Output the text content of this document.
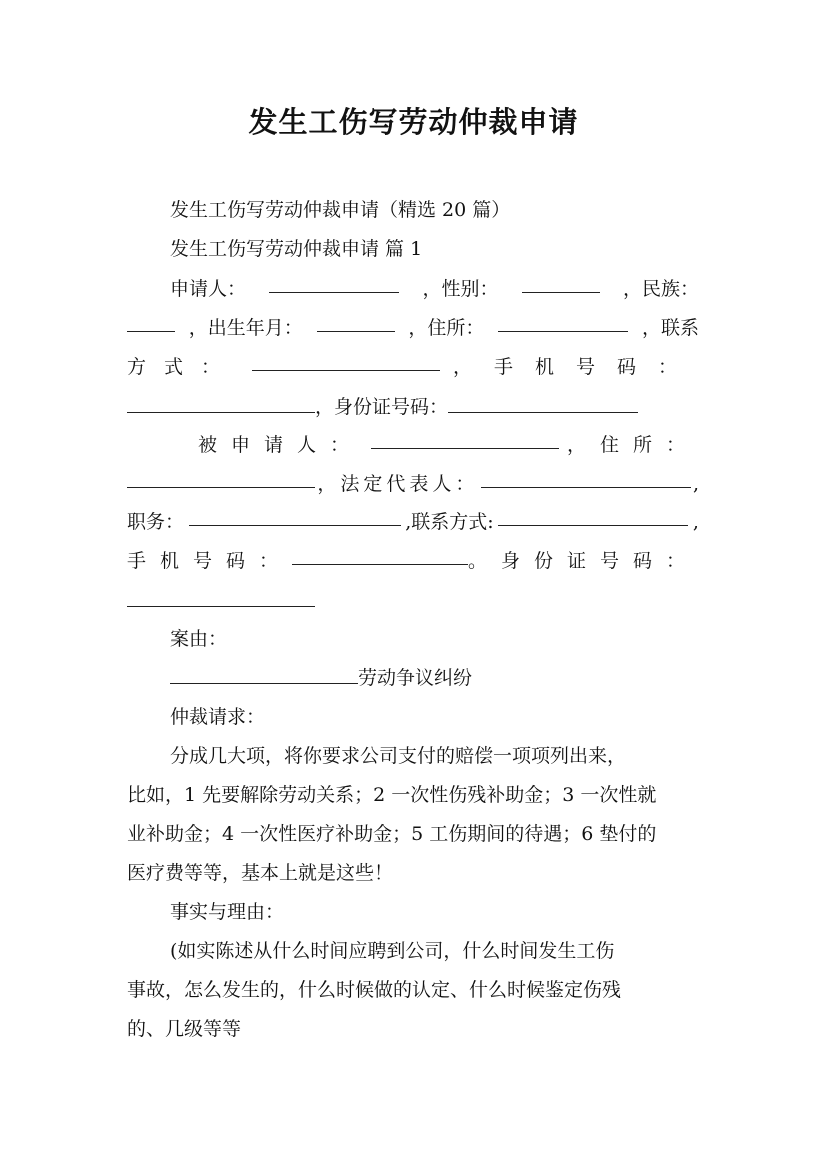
发生工伤写劳动仲裁申请
发生工伤写劳动仲裁申请（精选 20 篇）
发生工伤写劳动仲裁申请 篇 1
申请人：	，性别：	，民族：
，出生年月：	，住所：	，联系
方式：	，手机号码：
，身份证号码：
被申请人：	，住所：
，法定代表人：	,
职务：	,联系方式:	,
手机号码：	。身份证号码：
案由：
劳动争议纠纷
仲裁请求：
分成几大项，将你要求公司支付的赔偿一项项列出来，
比如，1 先要解除劳动关系；2 一次性伤残补助金；3 一次性就
业补助金；4 一次性医疗补助金；5 工伤期间的待遇；6 垫付的
医疗费等等，基本上就是这些！
事实与理由：
(如实陈述从什么时间应聘到公司，什么时间发生工伤
事故，怎么发生的，什么时候做的认定、什么时候鉴定伤残
的、几级等等
